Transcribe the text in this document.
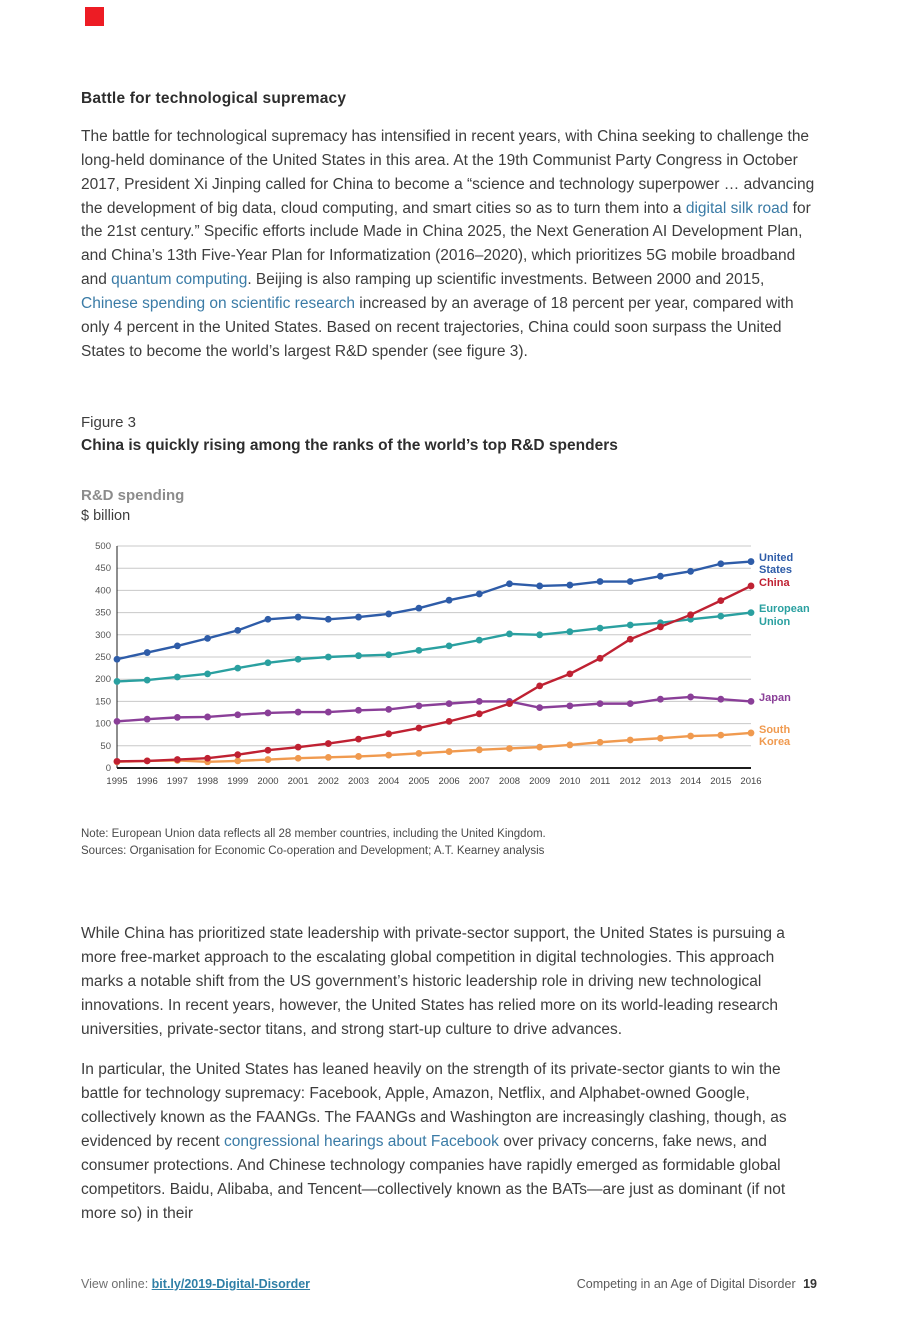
Battle for technological supremacy

The battle for technological supremacy has intensified in recent years, with China seeking to challenge the long-held dominance of the United States in this area. At the 19th Communist Party Congress in October 2017, President Xi Jinping called for China to become a “science and technology superpower … advancing the development of big data, cloud computing, and smart cities so as to turn them into a digital silk road for the 21st century.” Specific efforts include Made in China 2025, the Next Generation AI Development Plan, and China’s 13th Five-Year Plan for Informatization (2016–2020), which prioritizes 5G mobile broadband and quantum computing. Beijing is also ramping up scientific investments. Between 2000 and 2015, Chinese spending on scientific research increased by an average of 18 percent per year, compared with only 4 percent in the United States. Based on recent trajectories, China could soon surpass the United States to become the world’s largest R&D spender (see figure 3).

Figure 3
China is quickly rising among the ranks of the world’s top R&D spenders
R&D spending
$ billion
0
50
100
150
200
250
300
350
400
450
500
1995 1996 1997 1998 1999 2000 2001 2002 2003 2004 2005 2006 2007 2008 2009 2010 2011 2012 2013 2014 2015 2016
United States
China
European Union
Japan
South Korea
Note: European Union data reflects all 28 member countries, including the United Kingdom.
Sources: Organisation for Economic Co-operation and Development; A.T. Kearney analysis

While China has prioritized state leadership with private-sector support, the United States is pursuing a more free-market approach to the escalating global competition in digital technologies. This approach marks a notable shift from the US government’s historic leadership role in driving new technological innovations. In recent years, however, the United States has relied more on its world-leading research universities, private-sector titans, and strong start-up culture to drive advances.

In particular, the United States has leaned heavily on the strength of its private-sector giants to win the battle for technology supremacy: Facebook, Apple, Amazon, Netflix, and Alphabet-owned Google, collectively known as the FAANGs. The FAANGs and Washington are increasingly clashing, though, as evidenced by recent congressional hearings about Facebook over privacy concerns, fake news, and consumer protections. And Chinese technology companies have rapidly emerged as formidable global competitors. Baidu, Alibaba, and Tencent—collectively known as the BATs—are just as dominant (if not more so) in their

View online: bit.ly/2019-Digital-Disorder	Competing in an Age of Digital Disorder 19
